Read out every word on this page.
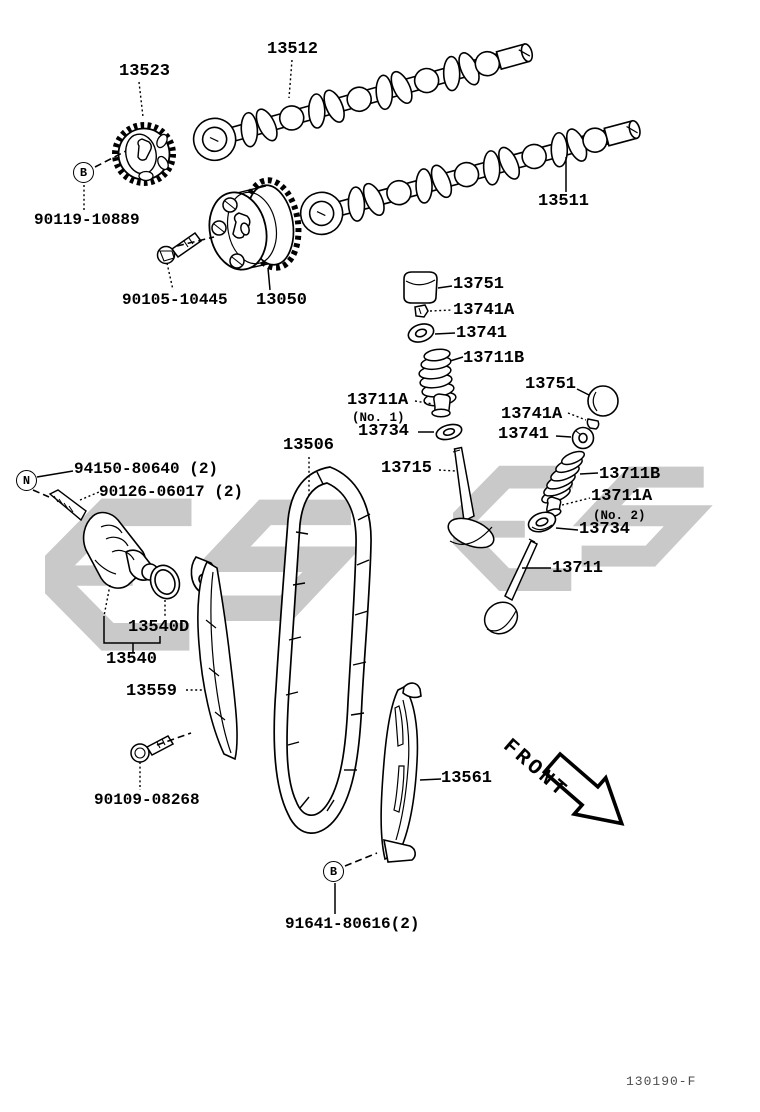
13523
13512
90119-10889
90105-10445 13050
13511
13751
13741A
13741
13711B
13711A
(No. 1)
13734
13751
13741A
13741
13715	13711B
13711A
(No. 2)
13734
13711
13506
94150-80640 (2)
90126-06017 (2)
13540D
13540
13559
90109-08268
13561
91641-80616(2)
B
N
B
FRONT
130190-F
